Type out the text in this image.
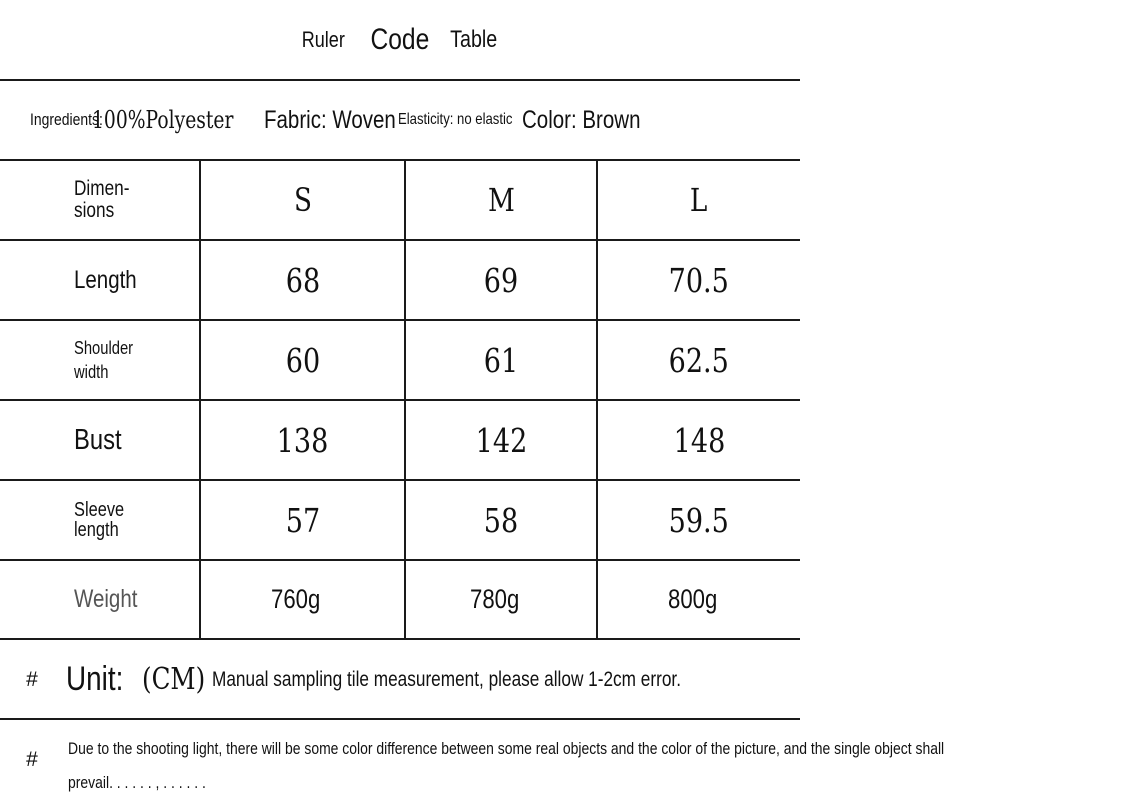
Ruler Code Table
Ingredients:
100%Polyester Fabric: Woven Elasticity: no elastic Color: Brown
Dimen-
sions	S	M	L
Length	68	69	70.5
Shoulder
width	60	61	62.5
Bust	138	142	148
Sleeve
length	57	58	59.5
Weight	760g	780g	800g
# Unit: (CM) Manual sampling tile measurement, please allow 1-2cm error.
# Due to the shooting light, there will be some color difference between some real objects and the color of the picture, and the single object shall
prevail. . . . . . , . . . . . .
